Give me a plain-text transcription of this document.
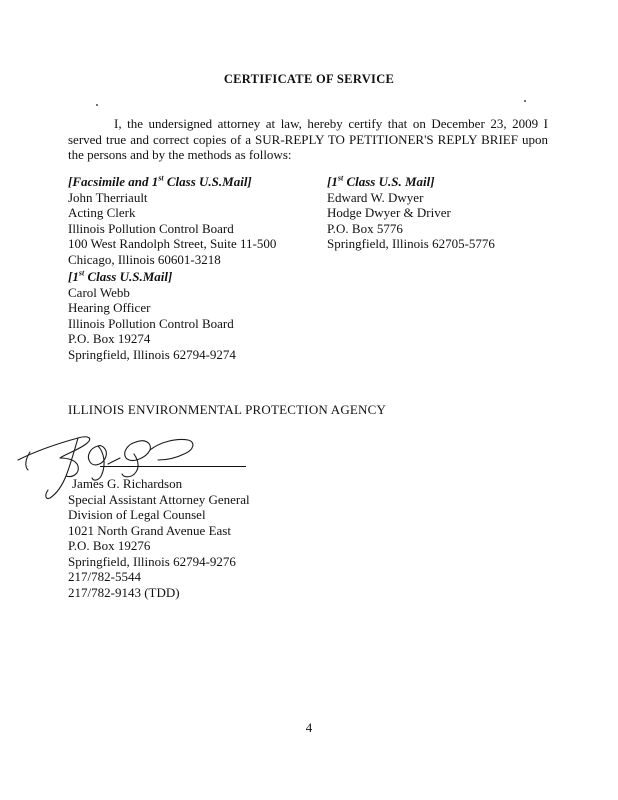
CERTIFICATE OF SERVICE
I, the undersigned attorney at law, hereby certify that on December 23, 2009 I served true and correct copies of a SUR-REPLY TO PETITIONER'S REPLY BRIEF upon the persons and by the methods as follows:
[Facsimile and 1st Class U.S.Mail]
John Therriault
Acting Clerk
Illinois Pollution Control Board
100 West Randolph Street, Suite 11-500
Chicago, Illinois 60601-3218
[1st Class U.S. Mail]
Edward W. Dwyer
Hodge Dwyer & Driver
P.O. Box 5776
Springfield, Illinois 62705-5776
[1st Class U.S.Mail]
Carol Webb
Hearing Officer
Illinois Pollution Control Board
P.O. Box 19274
Springfield, Illinois 62794-9274
ILLINOIS ENVIRONMENTAL PROTECTION AGENCY
James G. Richardson
Special Assistant Attorney General
Division of Legal Counsel
1021 North Grand Avenue East
P.O. Box 19276
Springfield, Illinois 62794-9276
217/782-5544
217/782-9143 (TDD)
4
